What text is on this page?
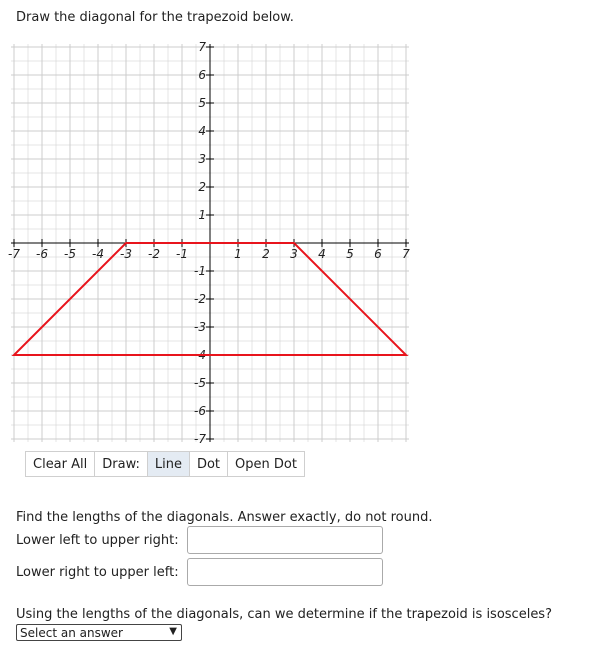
Draw the diagonal for the trapezoid below.
-7 -6 -5 -4 -3 -2 -1	1 2 3 4 5 6 7
7
6
5
4
3
2
1
-1
-2
-3
-4
-5
-6
-7
Clear All	Draw:	Line	Dot	Open Dot
Find the lengths of the diagonals. Answer exactly, do not round.
Lower left to upper right:
Lower right to upper left:
Using the lengths of the diagonals, can we determine if the trapezoid is isosceles?
Select an answer	▼
